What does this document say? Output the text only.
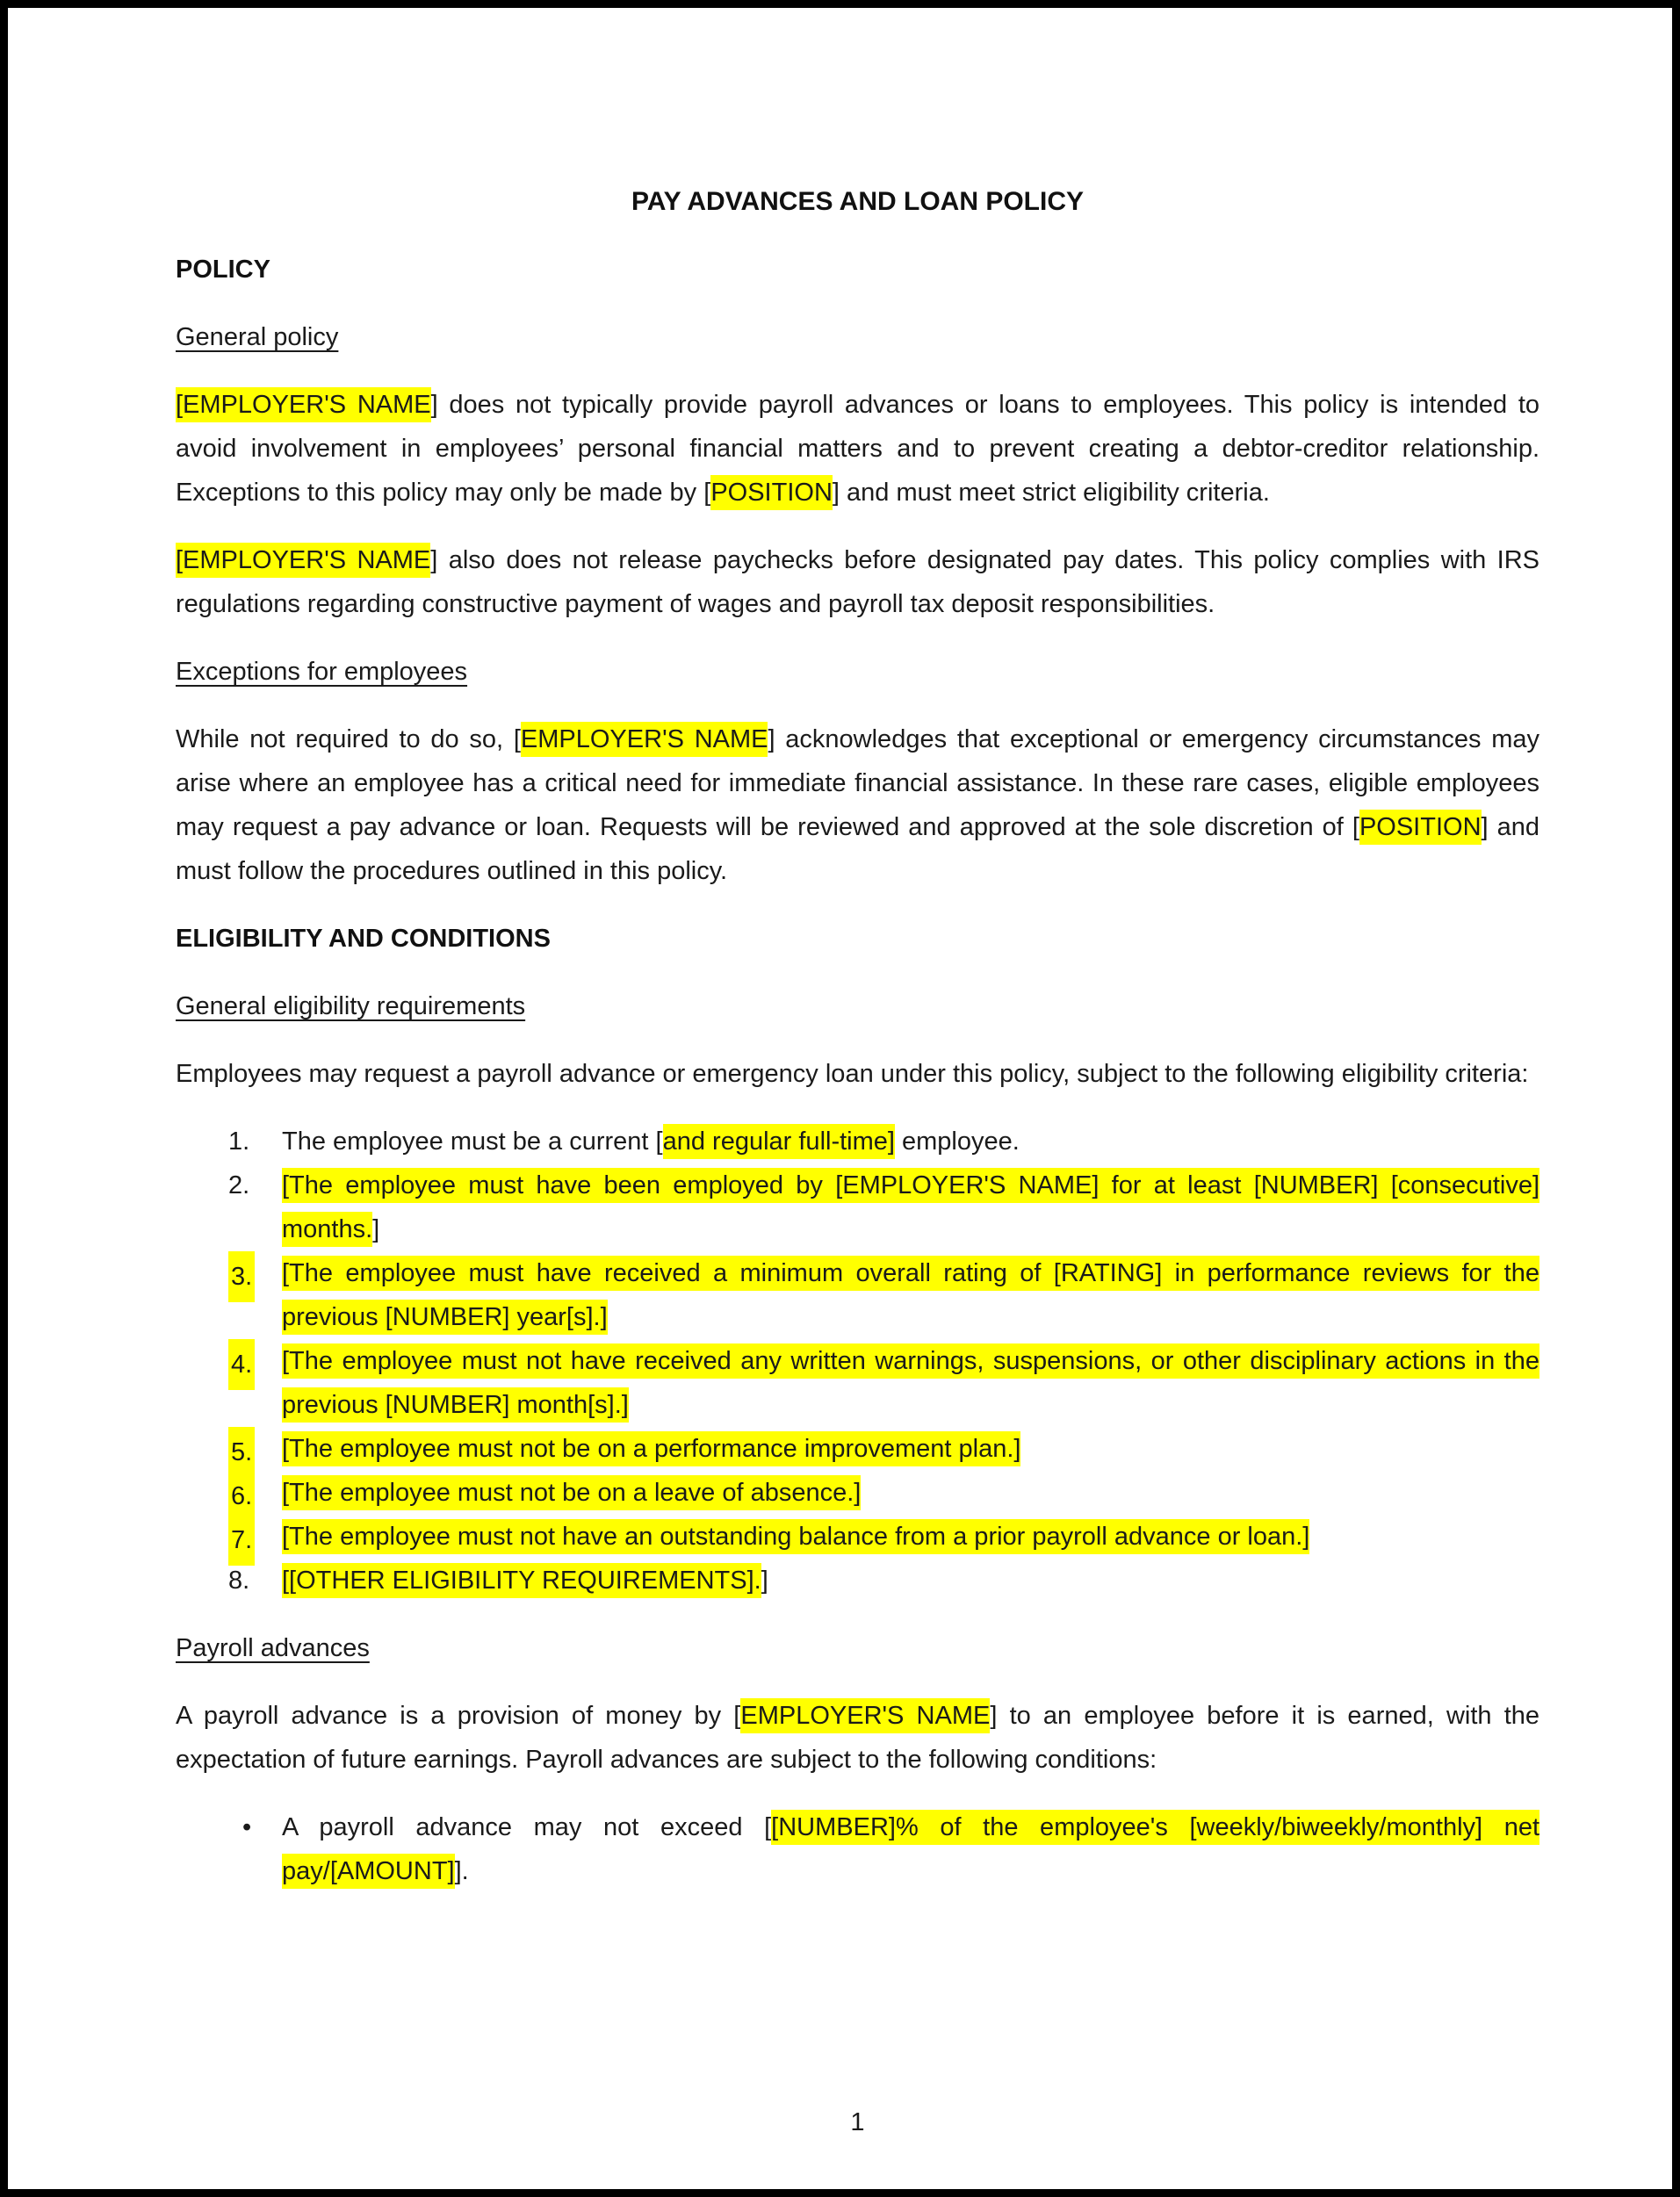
PAY ADVANCES AND LOAN POLICY

POLICY

General policy

[EMPLOYER'S NAME] does not typically provide payroll advances or loans to employees. This policy is intended to avoid involvement in employees’ personal financial matters and to prevent creating a debtor-creditor relationship. Exceptions to this policy may only be made by [POSITION] and must meet strict eligibility criteria.

[EMPLOYER'S NAME] also does not release paychecks before designated pay dates. This policy complies with IRS regulations regarding constructive payment of wages and payroll tax deposit responsibilities.

Exceptions for employees

While not required to do so, [EMPLOYER'S NAME] acknowledges that exceptional or emergency circumstances may arise where an employee has a critical need for immediate financial assistance. In these rare cases, eligible employees may request a pay advance or loan. Requests will be reviewed and approved at the sole discretion of [POSITION] and must follow the procedures outlined in this policy.

ELIGIBILITY AND CONDITIONS

General eligibility requirements

Employees may request a payroll advance or emergency loan under this policy, subject to the following eligibility criteria:

1. The employee must be a current [and regular full-time] employee.
2. [The employee must have been employed by [EMPLOYER'S NAME] for at least [NUMBER] [consecutive] months.]
3. [The employee must have received a minimum overall rating of [RATING] in performance reviews for the previous [NUMBER] year[s].]
4. [The employee must not have received any written warnings, suspensions, or other disciplinary actions in the previous [NUMBER] month[s].]
5. [The employee must not be on a performance improvement plan.]
6. [The employee must not be on a leave of absence.]
7. [The employee must not have an outstanding balance from a prior payroll advance or loan.]
8. [[OTHER ELIGIBILITY REQUIREMENTS].]

Payroll advances

A payroll advance is a provision of money by [EMPLOYER'S NAME] to an employee before it is earned, with the expectation of future earnings. Payroll advances are subject to the following conditions:

• A payroll advance may not exceed [[NUMBER]% of the employee's [weekly/biweekly/monthly] net pay/[AMOUNT]].
1
